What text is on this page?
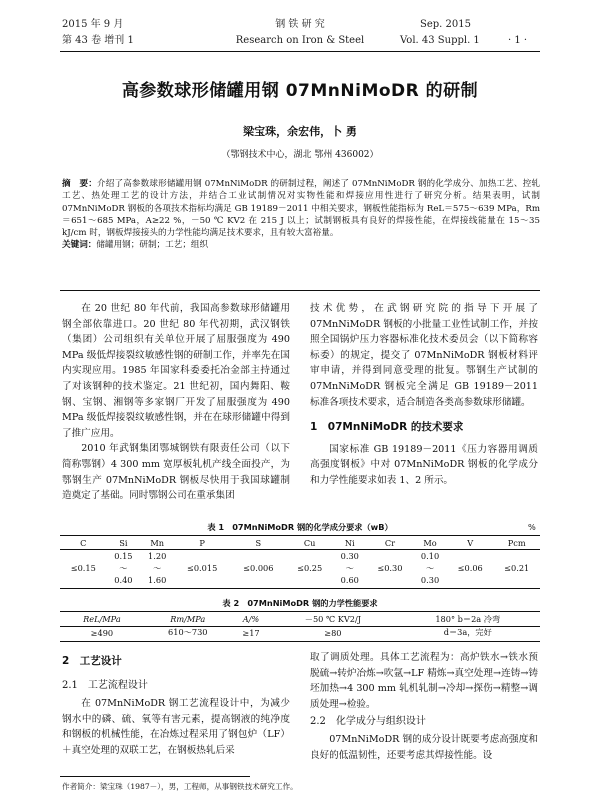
2015 年 9 月
第 43 卷 增刊 1
钢 铁 研 究
Research on Iron & Steel
Sep. 2015
Vol. 43 Suppl. 1	· 1 ·
高参数球形储罐用钢 07MnNiMoDR 的研制
梁宝珠，余宏伟，卜 勇
（鄂钢技术中心，湖北 鄂州 436002）
摘　要：介绍了高参数球形储罐用钢 07MnNiMoDR 的研制过程，阐述了 07MnNiMoDR 钢的化学成分、加热工艺、控轧工艺、热处理工艺的设计方法，并结合工业试制情况对实物性能和焊接应用性进行了研究分析。结果表明，试制 07MnNiMoDR 钢板的各项技术指标均满足 GB 19189－2011 中相关要求，钢板性能指标为 ReL＝575～639 MPa，Rm＝651～685 MPa，A≥22 %，－50 ℃ KV2 在 215 J 以上；试制钢板具有良好的焊接性能，在焊接线能量在 15～35 kJ/cm 时，钢板焊接接头的力学性能均满足技术要求，且有较大富裕量。
关键词：储罐用钢；研制；工艺；组织

在 20 世纪 80 年代前，我国高参数球形储罐用钢全部依靠进口。20 世纪 80 年代初期，武汉钢铁（集团）公司组织有关单位开展了屈服强度为 490 MPa 级低焊接裂纹敏感性钢的研制工作，并率先在国内实现应用。1985 年国家科委委托冶金部主持通过了对该钢种的技术鉴定。21 世纪初，国内舞阳、鞍钢、宝钢、湘钢等多家钢厂开发了屈服强度为 490 MPa 级低焊接裂纹敏感性钢，并在在球形储罐中得到了推广应用。

2010 年武钢集团鄂城钢铁有限责任公司（以下简称鄂钢）4 300 mm 宽厚板轧机产线全面投产，为鄂钢生产 07MnNiMoDR 钢板尽快用于我国球罐制造奠定了基础。同时鄂钢公司在重承集团

技术优势，在武钢研究院的指导下开展了 07MnNiMoDR 钢板的小批量工业性试制工作，并按照全国锅炉压力容器标准化技术委员会（以下简称容标委）的规定，提交了 07MnNiMoDR 钢板材料评审申请，并得到同意受理的批复。鄂钢生产试制的 07MnNiMoDR 钢板完全满足 GB 19189－2011 标准各项技术要求，适合制造各类高参数球形储罐。

1　07MnNiMoDR 的技术要求

国家标准 GB 19189－2011《压力容器用调质高强度钢板》中对 07MnNiMoDR 钢板的化学成分和力学性能要求如表 1、2 所示。

表 1　07MnNiMoDR 钢的化学成分要求（wB）	%
C	Si	Mn	P	S	Cu	Ni	Cr	Mo	V	Pcm
≤0.15	0.15
～
0.40	1.20
～
1.60	≤0.015	≤0.006	≤0.25	0.30
～
0.60	≤0.30	0.10
～
0.30	≤0.06	≤0.21
表 2　07MnNiMoDR 钢的力学性能要求
ReL/MPa	Rm/MPa	A/%	－50 ℃ KV2/J	180° b＝2a 冷弯
≥490	610～730	≥17	≥80	d＝3a，完好
2　工艺设计
2.1　工艺流程设计

在 07MnNiMoDR 钢工艺流程设计中，为减少钢水中的磷、硫、氧等有害元素，提高钢液的纯净度和钢板的机械性能，在冶炼过程采用了钢包炉（LF）＋真空处理的双联工艺，在钢板热轧后采

取了调质处理。具体工艺流程为：高炉铁水→铁水预脱硫→转炉冶炼→吹氩→LF 精炼→真空处理→连铸→铸坯加热→4 300 mm 轧机轧制→冷却→探伤→精整→调质处理→检验。

2.2　化学成分与组织设计

07MnNiMoDR 钢的成分设计既要考虑高强度和良好的低温韧性，还要考虑其焊接性能。设

作者简介：梁宝珠（1987－），男，工程师，从事钢铁技术研究工作。
